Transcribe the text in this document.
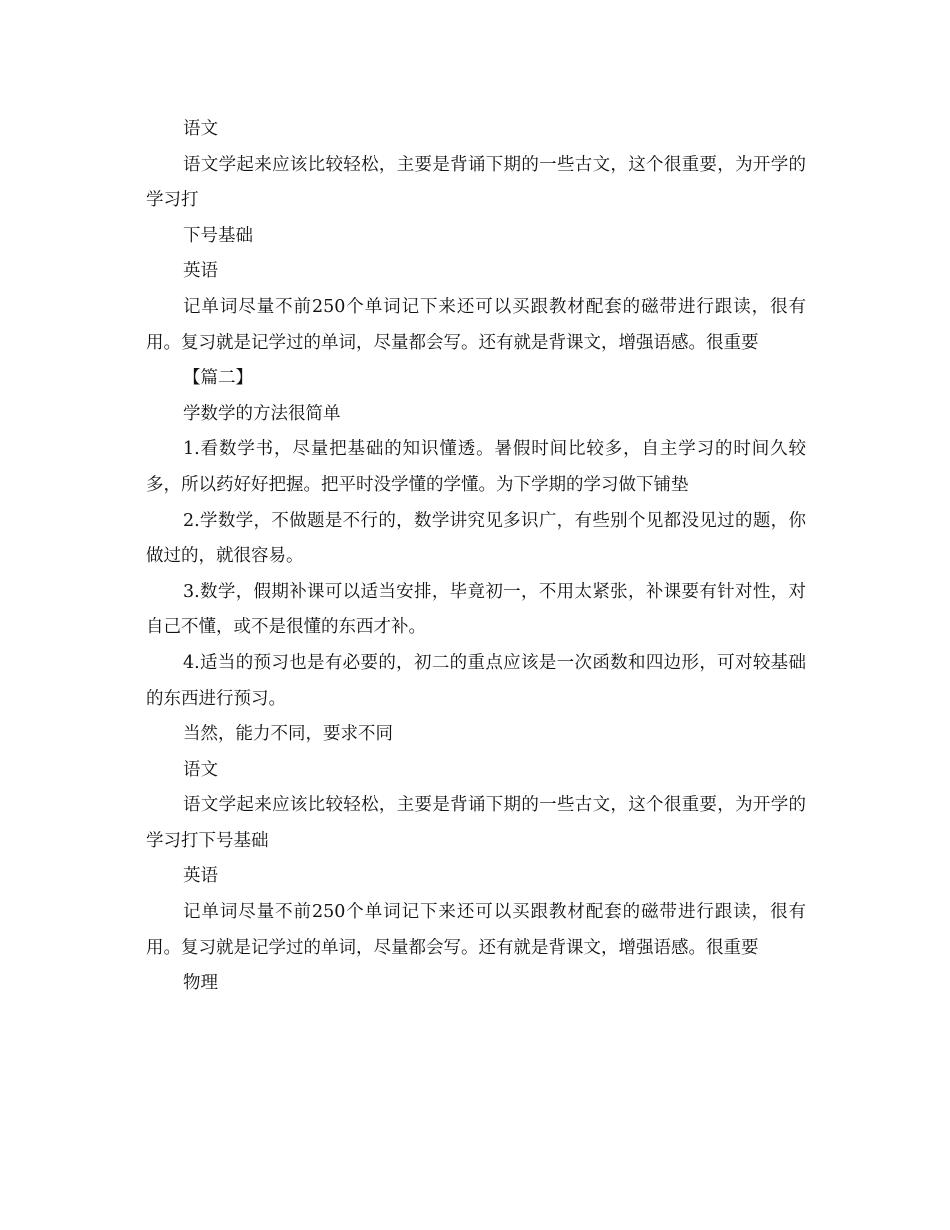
语文

语文学起来应该比较轻松，主要是背诵下期的一些古文，这个很重要，为开学的学习打

下号基础

英语

记单词尽量不前250个单词记下来还可以买跟教材配套的磁带进行跟读，很有用。复习就是记学过的单词，尽量都会写。还有就是背课文，增强语感。很重要

【篇二】

学数学的方法很简单

1.看数学书，尽量把基础的知识懂透。暑假时间比较多，自主学习的时间久较多，所以药好好把握。把平时没学懂的学懂。为下学期的学习做下铺垫

2.学数学，不做题是不行的，数学讲究见多识广，有些别个见都没见过的题，你做过的，就很容易。

3.数学，假期补课可以适当安排，毕竟初一，不用太紧张，补课要有针对性，对自己不懂，或不是很懂的东西才补。

4.适当的预习也是有必要的，初二的重点应该是一次函数和四边形，可对较基础的东西进行预习。

当然，能力不同，要求不同

语文

语文学起来应该比较轻松，主要是背诵下期的一些古文，这个很重要，为开学的学习打下号基础

英语

记单词尽量不前250个单词记下来还可以买跟教材配套的磁带进行跟读，很有用。复习就是记学过的单词，尽量都会写。还有就是背课文，增强语感。很重要

物理
